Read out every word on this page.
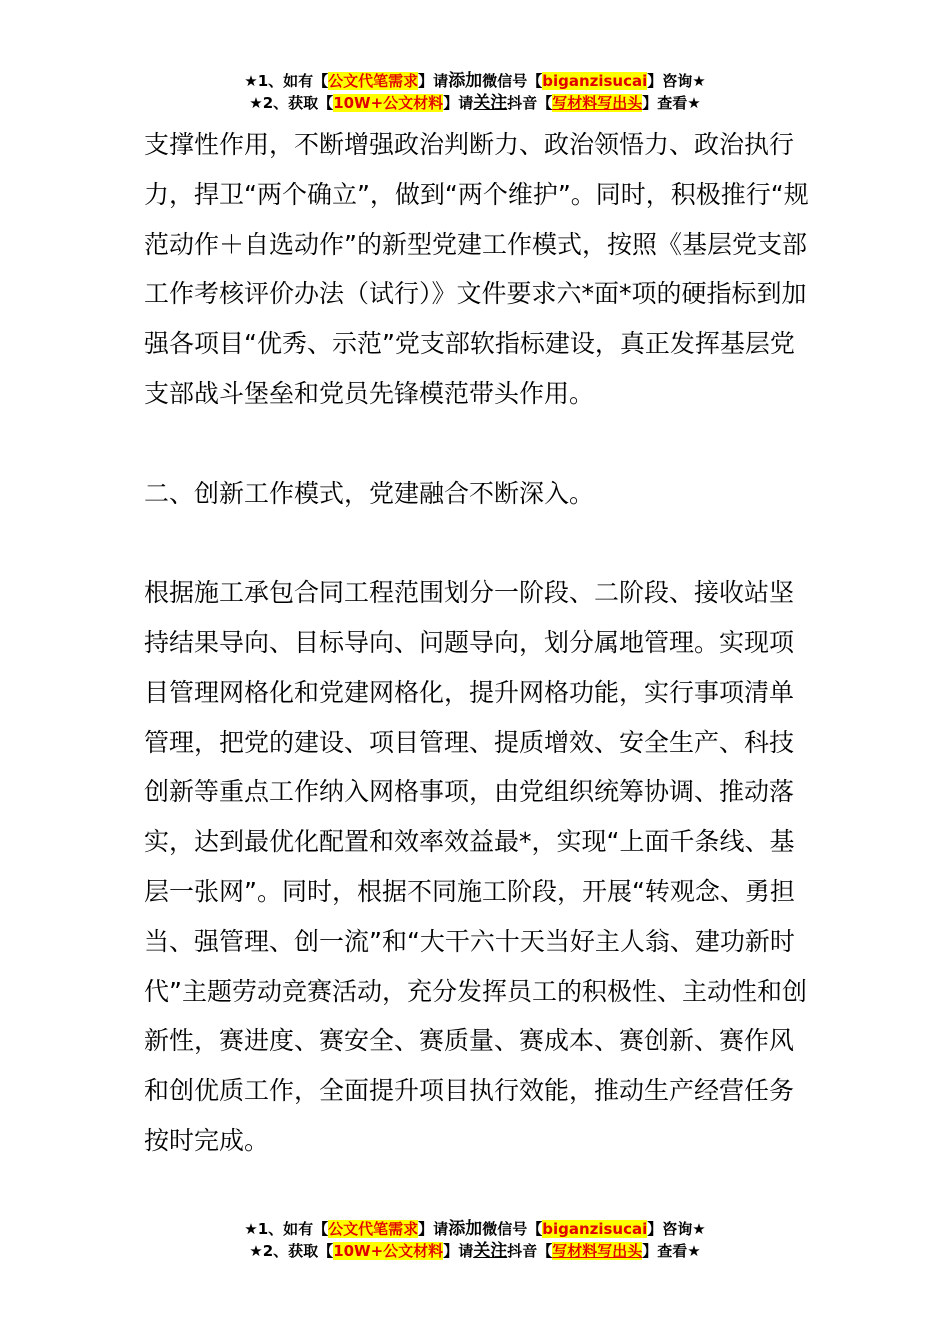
★1、如有【公文代笔需求】请添加微信号【biganzisucai】咨询★
★2、获取【10W+公文材料】请关注抖音【写材料写出头】查看★

支撑性作用，不断增强政治判断力、政治领悟力、政治执行力，捍卫“两个确立”，做到“两个维护”。同时，积极推行“规范动作＋自选动作”的新型党建工作模式，按照《基层党支部工作考核评价办法（试行）》文件要求六*面*项的硬指标到加强各项目“优秀、示范”党支部软指标建设，真正发挥基层党支部战斗堡垒和党员先锋模范带头作用。

二、创新工作模式，党建融合不断深入。

根据施工承包合同工程范围划分一阶段、二阶段、接收站坚持结果导向、目标导向、问题导向，划分属地管理。实现项目管理网格化和党建网格化，提升网格功能，实行事项清单管理，把党的建设、项目管理、提质增效、安全生产、科技创新等重点工作纳入网格事项，由党组织统筹协调、推动落实，达到最优化配置和效率效益最*，实现“上面千条线、基层一张网”。同时，根据不同施工阶段，开展“转观念、勇担当、强管理、创一流”和“大干六十天当好主人翁、建功新时代”主题劳动竞赛活动，充分发挥员工的积极性、主动性和创新性，赛进度、赛安全、赛质量、赛成本、赛创新、赛作风和创优质工作，全面提升项目执行效能，推动生产经营任务按时完成。

★1、如有【公文代笔需求】请添加微信号【biganzisucai】咨询★
★2、获取【10W+公文材料】请关注抖音【写材料写出头】查看★
